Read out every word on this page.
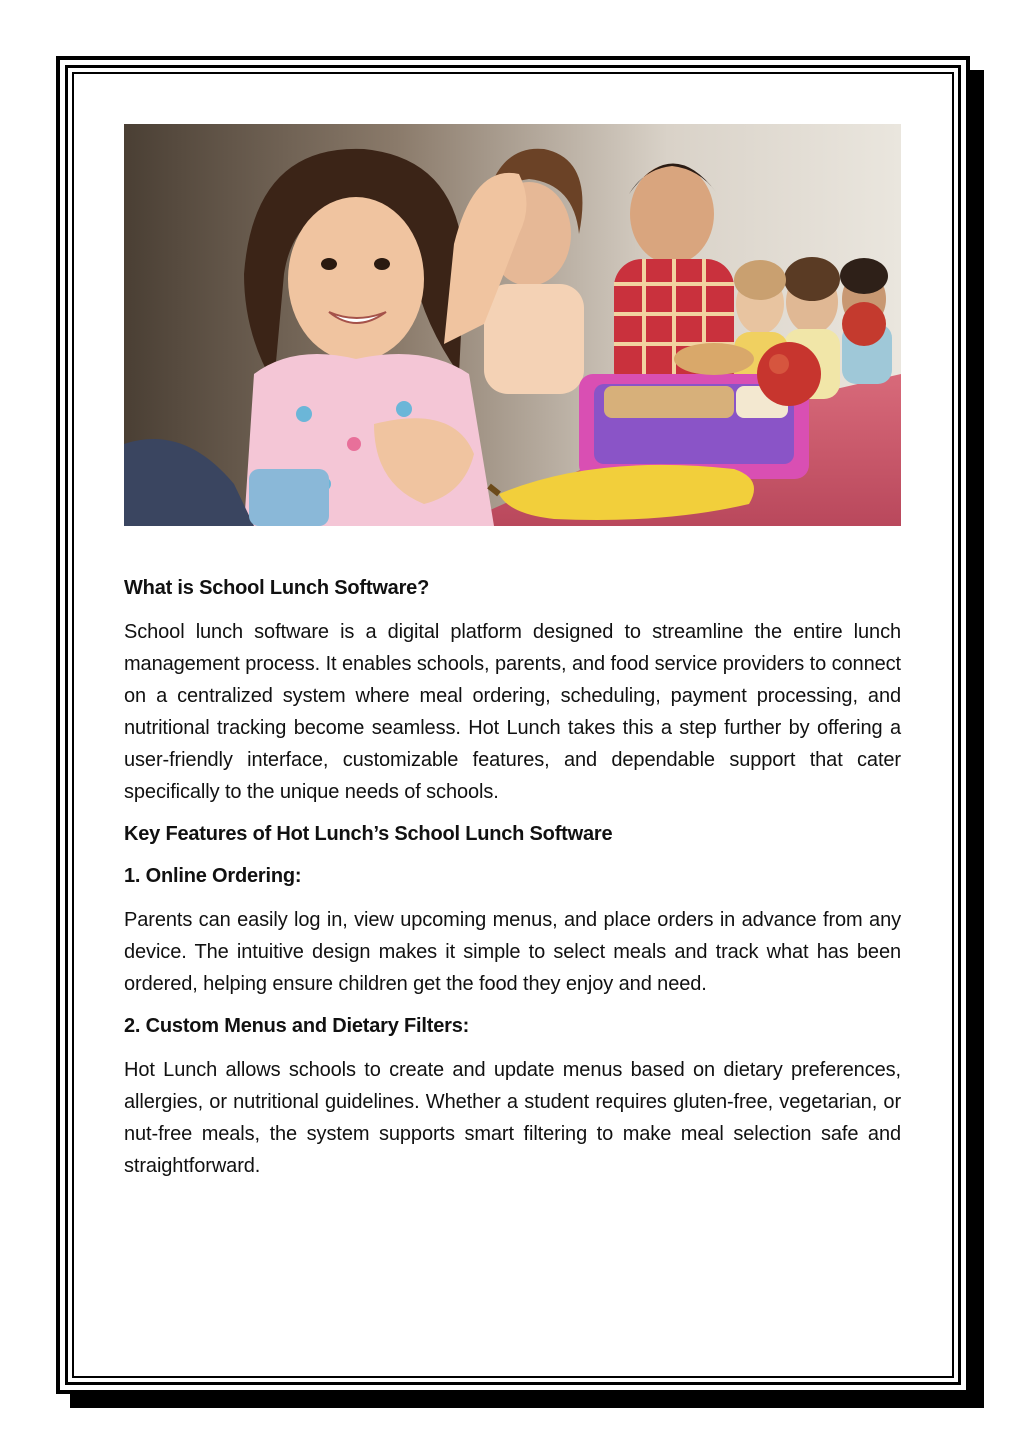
What is School Lunch Software?

School lunch software is a digital platform designed to streamline the entire lunch management process. It enables schools, parents, and food service providers to connect on a centralized system where meal ordering, scheduling, payment processing, and nutritional tracking become seamless. Hot Lunch takes this a step further by offering a user-friendly interface, customizable features, and dependable support that cater specifically to the unique needs of schools.

Key Features of Hot Lunch’s School Lunch Software
1. Online Ordering:

Parents can easily log in, view upcoming menus, and place orders in advance from any device. The intuitive design makes it simple to select meals and track what has been ordered, helping ensure children get the food they enjoy and need.

2. Custom Menus and Dietary Filters:

Hot Lunch allows schools to create and update menus based on dietary preferences, allergies, or nutritional guidelines. Whether a student requires gluten-free, vegetarian, or nut-free meals, the system supports smart filtering to make meal selection safe and straightforward.
